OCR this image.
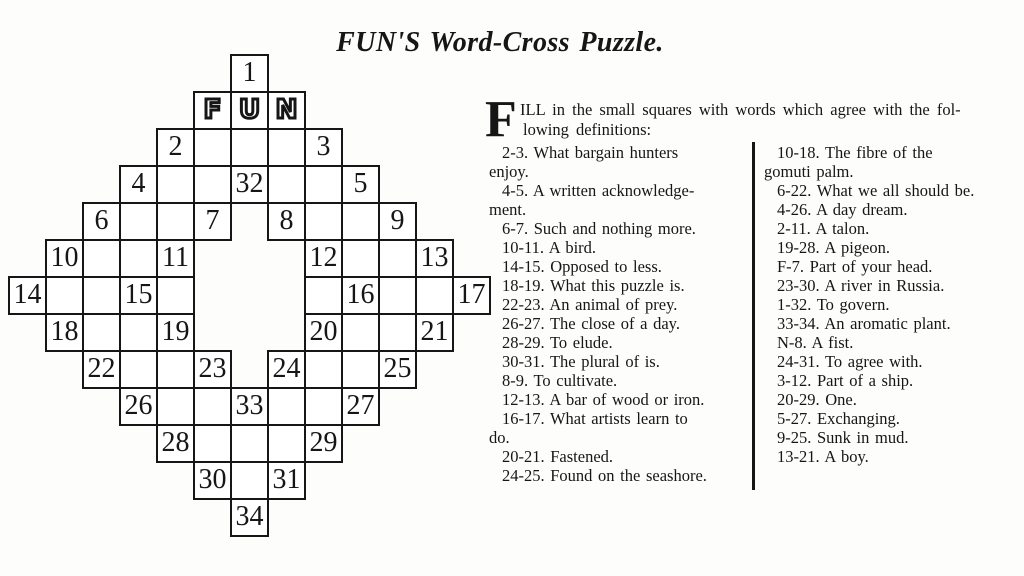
FUN'S Word-Cross Puzzle.
1
F U N
2	3
4	32	5
6	7 8	9
10	11	12	13
14	15	16	17
18	19	20	21
22	23 24	25
26	33	27
28	29
30 31
34
F ILL in the small squares with words which agree with the fol-
lowing definitions:
2-3. What bargain hunters
enjoy.
4-5. A written acknowledge-
ment.
6-7. Such and nothing more.
10-11. A bird.
14-15. Opposed to less.
18-19. What this puzzle is.
22-23. An animal of prey.
26-27. The close of a day.
28-29. To elude.
30-31. The plural of is.
8-9. To cultivate.
12-13. A bar of wood or iron.
16-17. What artists learn to
do.
20-21. Fastened.
24-25. Found on the seashore.
10-18. The fibre of the
gomuti palm.
6-22. What we all should be.
4-26. A day dream.
2-11. A talon.
19-28. A pigeon.
F-7. Part of your head.
23-30. A river in Russia.
1-32. To govern.
33-34. An aromatic plant.
N-8. A fist.
24-31. To agree with.
3-12. Part of a ship.
20-29. One.
5-27. Exchanging.
9-25. Sunk in mud.
13-21. A boy.
